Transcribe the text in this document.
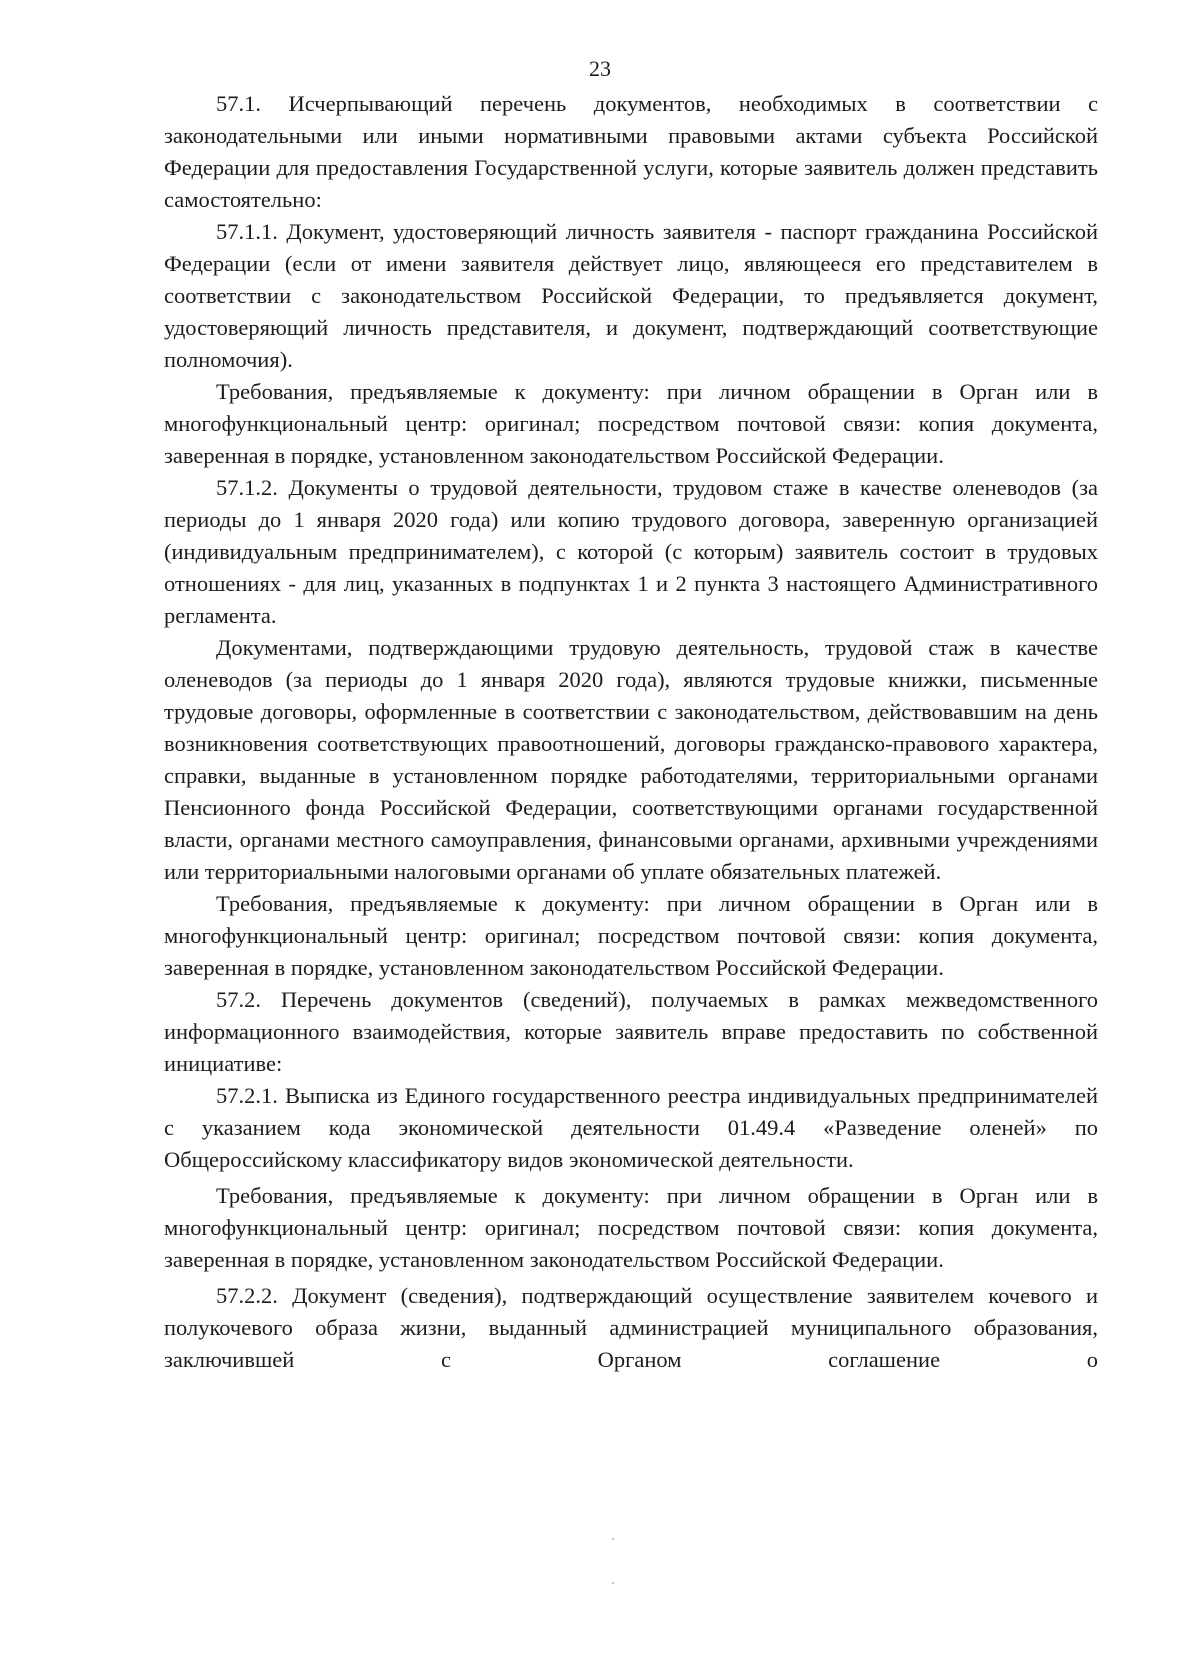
23

57.1. Исчерпывающий перечень документов, необходимых в соответствии с законодательными или иными нормативными правовыми актами субъекта Российской Федерации для предоставления Государственной услуги, которые заявитель должен представить самостоятельно:

57.1.1. Документ, удостоверяющий личность заявителя - паспорт гражданина Российской Федерации (если от имени заявителя действует лицо, являющееся его представителем в соответствии с законодательством Российской Федерации, то предъявляется документ, удостоверяющий личность представителя, и документ, подтверждающий соответствующие полномочия).

Требования, предъявляемые к документу: при личном обращении в Орган или в многофункциональный центр: оригинал; посредством почтовой связи: копия документа, заверенная в порядке, установленном законодательством Российской Федерации.

57.1.2. Документы о трудовой деятельности, трудовом стаже в качестве оленеводов (за периоды до 1 января 2020 года) или копию трудового договора, заверенную организацией (индивидуальным предпринимателем), с которой (с которым) заявитель состоит в трудовых отношениях - для лиц, указанных в подпунктах 1 и 2 пункта 3 настоящего Административного регламента.

Документами, подтверждающими трудовую деятельность, трудовой стаж в качестве оленеводов (за периоды до 1 января 2020 года), являются трудовые книжки, письменные трудовые договоры, оформленные в соответствии с законодательством, действовавшим на день возникновения соответствующих правоотношений, договоры гражданско-правового характера, справки, выданные в установленном порядке работодателями, территориальными органами Пенсионного фонда Российской Федерации, соответствующими органами государственной власти, органами местного самоуправления, финансовыми органами, архивными учреждениями или территориальными налоговыми органами об уплате обязательных платежей.

Требования, предъявляемые к документу: при личном обращении в Орган или в многофункциональный центр: оригинал; посредством почтовой связи: копия документа, заверенная в порядке, установленном законодательством Российской Федерации.

57.2. Перечень документов (сведений), получаемых в рамках межведомственного информационного взаимодействия, которые заявитель вправе предоставить по собственной инициативе:

57.2.1. Выписка из Единого государственного реестра индивидуальных предпринимателей с указанием кода экономической деятельности 01.49.4 «Разведение оленей» по Общероссийскому классификатору видов экономической деятельности.

Требования, предъявляемые к документу: при личном обращении в Орган или в многофункциональный центр: оригинал; посредством почтовой связи: копия документа, заверенная в порядке, установленном законодательством Российской Федерации.

57.2.2. Документ (сведения), подтверждающий осуществление заявителем кочевого и полукочевого образа жизни, выданный администрацией муниципального образования, заключившей с Органом соглашение о
